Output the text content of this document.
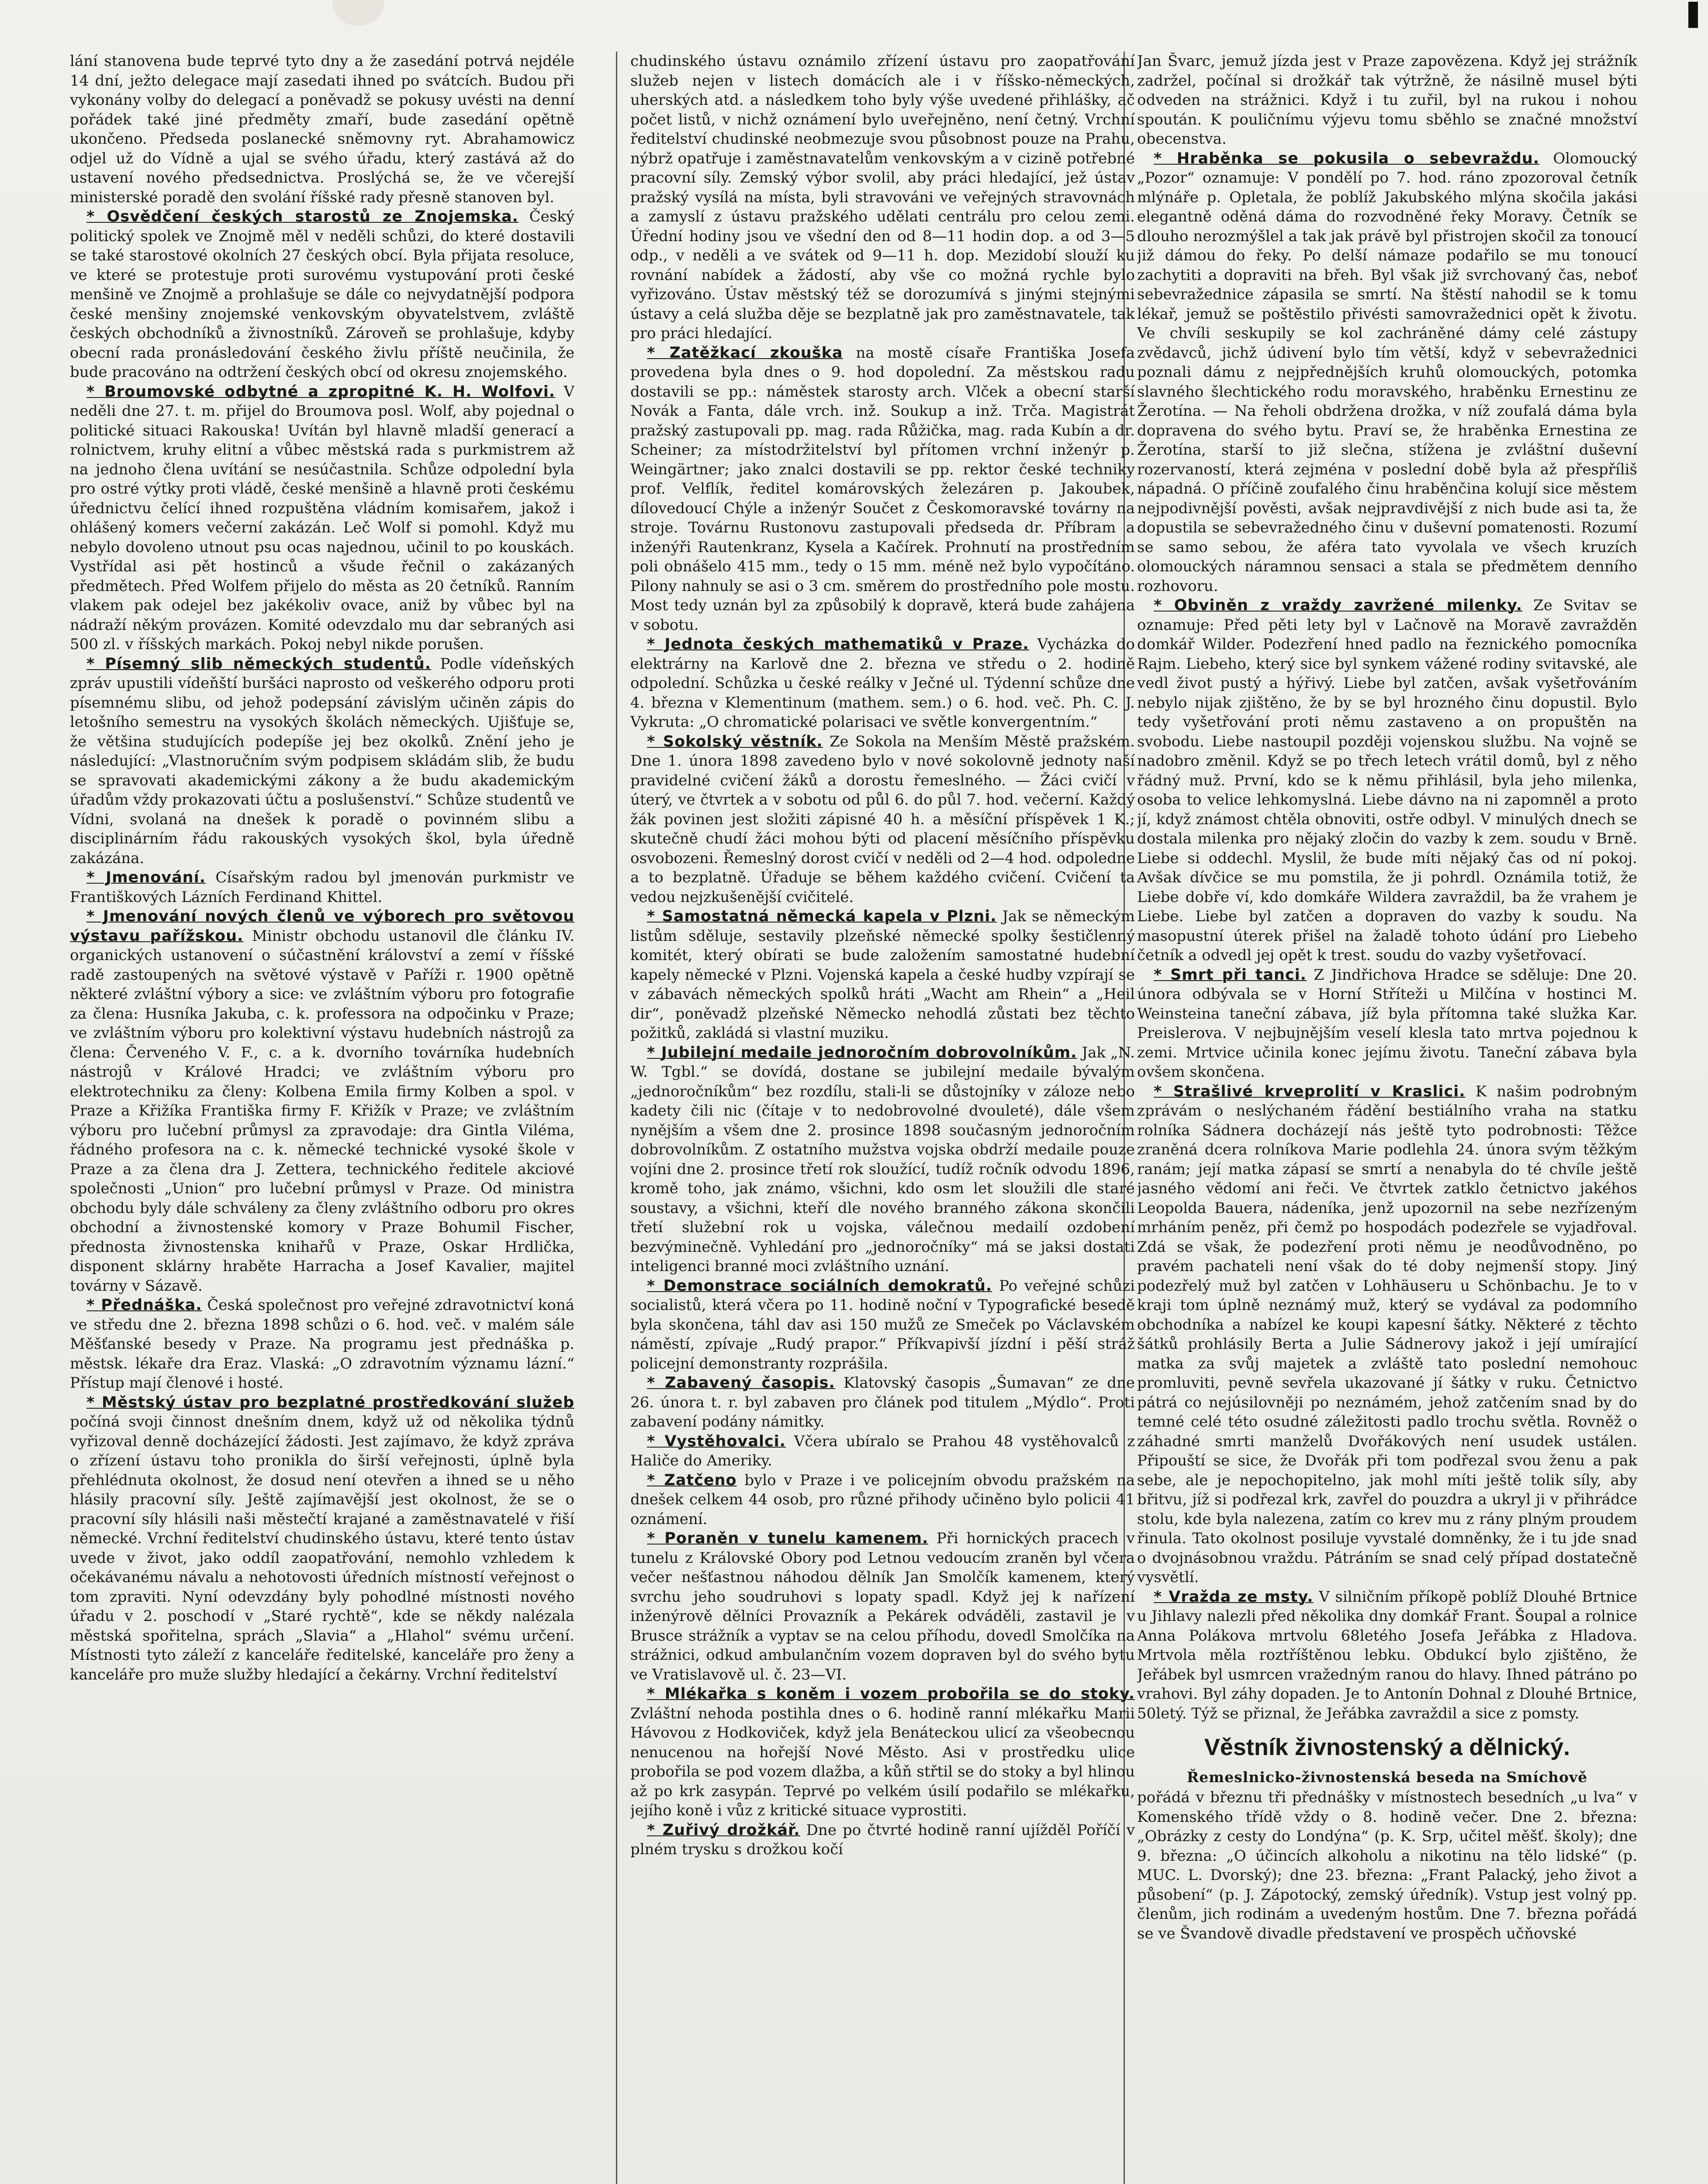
lání stanovena bude teprvé tyto dny a že zasedání potrvá nejdéle 14 dní, ježto delegace mají zasedati ihned po svátcích. Budou při vykonány volby do delegací a poněvadž se pokusy uvésti na denní pořádek také jiné předměty zmaří, bude zasedání opětně ukončeno. Předseda poslanecké sněmovny ryt. Abrahamowicz odjel už do Vídně a ujal se svého úřadu, který zastává až do ustavení nového předsednictva. Proslýchá se, že ve včerejší ministerské poradě den svolání říšské rady přesně stanoven byl.

* Osvědčení českých starostů ze Znojemska. Český politický spolek ve Znojmě měl v neděli schůzi, do které dostavili se také starostové okolních 27 českých obcí. Byla přijata resoluce, ve které se protestuje proti surovému vystupování proti české menšině ve Znojmě a prohlašuje se dále co nejvydatnější podpora české menšiny znojemské venkovským obyvatelstvem, zvláště českých obchodníků a živnostníků. Zároveň se prohlašuje, kdyby obecní rada pronásledování českého živlu příště neučinila, že bude pracováno na odtržení českých obcí od okresu znojemského.

* Broumovské odbytné a zpropitné K. H. Wolfovi. V neděli dne 27. t. m. přijel do Broumova posl. Wolf, aby pojednal o politické situaci Rakouska! Uvítán byl hlavně mladší generací a rolnictvem, kruhy elitní a vůbec městská rada s purkmistrem až na jednoho člena uvítání se nesúčastnila. Schůze odpolední byla pro ostré výtky proti vládě, české menšině a hlavně proti českému úřednictvu čelící ihned rozpuštěna vládním komisařem, jakož i ohlášený komers večerní zakázán. Leč Wolf si pomohl. Když mu nebylo dovoleno utnout psu ocas najednou, učinil to po kouskách. Vystřídal asi pět hostinců a všude řečnil o zakázaných předmětech. Před Wolfem přijelo do města as 20 četníků. Ranním vlakem pak odejel bez jakékoliv ovace, aniž by vůbec byl na nádraží někým provázen. Komité odevzdalo mu dar sebraných asi 500 zl. v říšských markách. Pokoj nebyl nikde porušen.

* Písemný slib německých studentů. Podle vídeňských zpráv upustili vídeňští buršáci naprosto od veškerého odporu proti písemnému slibu, od jehož podepsání závislým učiněn zápis do letošního semestru na vysokých školách německých. Ujišťuje se, že většina studujících podepíše jej bez okolků. Znění jeho je následující: „Vlastnoručním svým podpisem skládám slib, že budu se spravovati akademickými zákony a že budu akademickým úřadům vždy prokazovati účtu a poslušenství.“ Schůze studentů ve Vídni, svolaná na dnešek k poradě o povinném slibu a disciplinárním řádu rakouských vysokých škol, byla úředně zakázána.

* Jmenování. Císařským radou byl jmenován purkmistr ve Františkových Lázních Ferdinand Khittel.

* Jmenování nových členů ve výborech pro světovou výstavu pařížskou. Ministr obchodu ustanovil dle článku IV. organických ustanovení o súčastnění království a zemí v říšské radě zastoupených na světové výstavě v Paříži r. 1900 opětně některé zvláštní výbory a sice: ve zvláštním výboru pro fotografie za člena: Husníka Jakuba, c. k. professora na odpočinku v Praze; ve zvláštním výboru pro kolektivní výstavu hudebních nástrojů za člena: Červeného V. F., c. a k. dvorního továrníka hudebních nástrojů v Králové Hradci; ve zvláštním výboru pro elektrotechniku za členy: Kolbena Emila firmy Kolben a spol. v Praze a Křižíka Františka firmy F. Křižík v Praze; ve zvláštním výboru pro lučební průmysl za zpravodaje: dra Gintla Viléma, řádného profesora na c. k. německé technické vysoké škole v Praze a za člena dra J. Zettera, technického ředitele akciové společnosti „Union“ pro lučební průmysl v Praze. Od ministra obchodu byly dále schváleny za členy zvláštního odboru pro okres obchodní a živnostenské komory v Praze Bohumil Fischer, přednosta živnostenska knihařů v Praze, Oskar Hrdlička, disponent sklárny hraběte Harracha a Josef Kavalier, majitel továrny v Sázavě.

* Přednáška. Česká společnost pro veřejné zdravotnictví koná ve středu dne 2. března 1898 schůzi o 6. hod. več. v malém sále Měšťanské besedy v Praze. Na programu jest přednáška p. městsk. lékaře dra Eraz. Vlaská: „O zdravotním významu lázní.“ Přístup mají členové i hosté.

* Městský ústav pro bezplatné prostředkování služeb počíná svoji činnost dnešním dnem, když už od několika týdnů vyřizoval denně docházející žádosti. Jest zajímavo, že když zpráva o zřízení ústavu toho pronikla do širší veřejnosti, úplně byla přehlédnuta okolnost, že dosud není otevřen a ihned se u něho hlásily pracovní síly. Ještě zajímavější jest okolnost, že se o pracovní síly hlásili naši městečtí krajané a zaměstnavatelé v řiší německé. Vrchní ředitelství chudinského ústavu, které tento ústav uvede v život, jako oddíl zaopatřování, nemohlo vzhledem k očekávanému návalu a nehotovosti úředních místností veřejnost o tom zpraviti. Nyní odevzdány byly pohodlné místnosti nového úřadu v 2. poschodí v „Staré rychtě“, kde se někdy nalézala městská spořitelna, sprách „Slavia“ a „Hlahol“ svému určení. Místnosti tyto záleží z kanceláře ředitelské, kanceláře pro ženy a kanceláře pro muže služby hledající a čekárny. Vrchní ředitelství

chudinského ústavu oznámilo zřízení ústavu pro zaopatřování služeb nejen v listech domácích ale i v říšsko-německých, uherských atd. a následkem toho byly výše uvedené přihlášky, ač počet listů, v nichž oznámení bylo uveřejněno, není četný. Vrchní ředitelství chudinské neobmezuje svou působnost pouze na Prahu, nýbrž opatřuje i zaměstnavatelům venkovským a v cizině potřebné pracovní síly. Zemský výbor svolil, aby práci hledající, jež ústav pražský vysílá na místa, byli stravováni ve veřejných stravovnách a zamyslí z ústavu pražského udělati centrálu pro celou zemi. Úřední hodiny jsou ve všední den od 8—11 hodin dop. a od 3—5 odp., v neděli a ve svátek od 9—11 h. dop. Mezidobí slouží ku rovnání nabídek a žádostí, aby vše co možná rychle bylo vyřizováno. Ústav městský též se dorozumívá s jinými stejnými ústavy a celá služba děje se bezplatně jak pro zaměstnavatele, tak pro práci hledající.

* Zatěžkací zkouška na mostě císaře Františka Josefa provedena byla dnes o 9. hod dopolední. Za městskou radu dostavili se pp.: náměstek starosty arch. Vlček a obecní starší Novák a Fanta, dále vrch. inž. Soukup a inž. Trča. Magistrát pražský zastupovali pp. mag. rada Růžička, mag. rada Kubín a dr. Scheiner; za místodržitelství byl přítomen vrchní inženýr p. Weingärtner; jako znalci dostavili se pp. rektor české techniky prof. Velflík, ředitel komárovských železáren p. Jakoubek, dílovedoucí Chýle a inženýr Součet z Českomoravské továrny na stroje. Továrnu Rustonovu zastupovali předseda dr. Příbram a inženýři Rautenkranz, Kysela a Kačírek. Prohnutí na prostředním poli obnášelo 415 mm., tedy o 15 mm. méně než bylo vypočítáno. Pilony nahnuly se asi o 3 cm. směrem do prostředního pole mostu. Most tedy uznán byl za způsobilý k dopravě, která bude zahájena v sobotu.

* Jednota českých mathematiků v Praze. Vycházka do elektrárny na Karlově dne 2. března ve středu o 2. hodině odpolední. Schůzka u české reálky v Ječné ul. Týdenní schůze dne 4. března v Klementinum (mathem. sem.) o 6. hod. več. Ph. C. J. Vykruta: „O chromatické polarisaci ve světle konvergentním.“

* Sokolský věstník. Ze Sokola na Menším Městě pražském. Dne 1. února 1898 zavedeno bylo v nové sokolovně jednoty naší pravidelné cvičení žáků a dorostu řemeslného. — Žáci cvičí v úterý, ve čtvrtek a v sobotu od půl 6. do půl 7. hod. večerní. Každý žák povinen jest složiti zápisné 40 h. a měsíční příspěvek 1 K.; skutečně chudí žáci mohou býti od placení měsíčního příspěvku osvobozeni. Řemeslný dorost cvičí v neděli od 2—4 hod. odpoledne a to bezplatně. Úřaduje se během každého cvičení. Cvičení ta vedou nejzkušenější cvičitelé.

* Samostatná německá kapela v Plzni. Jak se německým listům sděluje, sestavily plzeňské německé spolky šestičlenný komitét, který obírati se bude založením samostatné hudební kapely německé v Plzni. Vojenská kapela a české hudby vzpírají se v zábavách německých spolků hráti „Wacht am Rhein“ a „Heil dir“, poněvadž plzeňské Německo nehodlá zůstati bez těchto požitků, zakládá si vlastní muziku.

* Jubilejní medaile jednoročním dobrovolníkům. Jak „N. W. Tgbl.“ se dovídá, dostane se jubilejní medaile bývalým „jednoročníkům“ bez rozdílu, stali-li se důstojníky v záloze nebo kadety čili nic (čítaje v to nedobrovolné dvouleté), dále všem nynějším a všem dne 2. prosince 1898 současným jednoročním dobrovolníkům. Z ostatního mužstva vojska obdrží medaile pouze vojíni dne 2. prosince třetí rok sloužící, tudíž ročník odvodu 1896, kromě toho, jak známo, všichni, kdo osm let sloužili dle staré soustavy, a všichni, kteří dle nového branného zákona skončili třetí služební rok u vojska, válečnou medailí ozdobení bezvýminečně. Vyhledání pro „jednoročníky“ má se jaksi dostati inteligenci branné moci zvláštního uznání.

* Demonstrace sociálních demokratů. Po veřejné schůzi socialistů, která včera po 11. hodině noční v Typografické besedě byla skončena, táhl dav asi 150 mužů ze Smeček po Václavském náměstí, zpívaje „Rudý prapor.“ Příkvapivší jízdní i pěší stráž policejní demonstranty rozprášila.

* Zabavený časopis. Klatovský časopis „Šumavan“ ze dne 26. února t. r. byl zabaven pro článek pod titulem „Mýdlo“. Proti zabavení podány námitky.

* Vystěhovalci. Včera ubíralo se Prahou 48 vystěhovalců z Haliče do Ameriky.

* Zatčeno bylo v Praze i ve policejním obvodu pražském na dnešek celkem 44 osob, pro různé přihody učiněno bylo policii 41 oznámení.

* Poraněn v tunelu kamenem. Při hornických pracech v tunelu z Královské Obory pod Letnou vedoucím zraněn byl včera večer nešťastnou náhodou dělník Jan Smolčík kamenem, který svrchu jeho soudruhovi s lopaty spadl. Když jej k nařízení inženýrově dělníci Provazník a Pekárek odváděli, zastavil je v Brusce strážník a vyptav se na celou příhodu, dovedl Smolčíka na strážnici, odkud ambulančním vozem dopraven byl do svého bytu ve Vratislavově ul. č. 23—VI.

* Mlékařka s koněm i vozem probořila se do stoky. Zvláštní nehoda postihla dnes o 6. hodině ranní mlékařku Marii Hávovou z Hodkoviček, když jela Benáteckou ulicí za všeobecnou nenucenou na hořejší Nové Město. Asi v prostředku ulice probořila se pod vozem dlažba, a kůň střtil se do stoky a byl hlinou až po krk zasypán. Teprvé po velkém úsilí podařilo se mlékařku, jejího koně i vůz z kritické situace vyprostiti.

* Zuřivý drožkář. Dne po čtvrté hodině ranní ujížděl Poříčí v plném trysku s drožkou kočí

Jan Švarc, jemuž jízda jest v Praze zapovězena. Když jej strážník zadržel, počínal si drožkář tak výtržně, že násilně musel býti odveden na strážnici. Když i tu zuřil, byl na rukou i nohou spoután. K pouličnímu výjevu tomu sběhlo se značné množství obecenstva.

* Hraběnka se pokusila o sebevraždu. Olomoucký „Pozor“ oznamuje: V pondělí po 7. hod. ráno zpozoroval četník mlýnáře p. Opletala, že poblíž Jakubského mlýna skočila jakási elegantně oděná dáma do rozvodněné řeky Moravy. Četník se dlouho nerozmýšlel a tak jak právě byl přistrojen skočil za tonoucí již dámou do řeky. Po delší námaze podařilo se mu tonoucí zachytiti a dopraviti na břeh. Byl však již svrchovaný čas, neboť sebevražednice zápasila se smrtí. Na štěstí nahodil se k tomu lékař, jemuž se poštěstilo přivésti samovražednici opět k životu. Ve chvíli seskupily se kol zachráněné dámy celé zástupy zvědavců, jichž údivení bylo tím větší, když v sebevražednici poznali dámu z nejpřednějších kruhů olomouckých, potomka slavného šlechtického rodu moravského, hraběnku Ernestinu ze Žerotína. — Na řeholi obdržena drožka, v níž zoufalá dáma byla dopravena do svého bytu. Praví se, že hraběnka Ernestina ze Žerotína, starší to již slečna, stížena je zvláštní duševní rozervaností, která zejména v poslední době byla až přespříliš nápadná. O příčině zoufalého činu hraběnčina kolují sice městem nejpodivnější pověsti, avšak nejpravdivější z nich bude asi ta, že dopustila se sebevražedného činu v duševní pomatenosti. Rozumí se samo sebou, že aféra tato vyvolala ve všech kruzích olomouckých náramnou sensaci a stala se předmětem denního rozhovoru.

* Obviněn z vraždy zavržené milenky. Ze Svitav se oznamuje: Před pěti lety byl v Lačnově na Moravě zavražděn domkář Wilder. Podezření hned padlo na řeznického pomocníka Rajm. Liebeho, který sice byl synkem vážené rodiny svitavské, ale vedl život pustý a hýřivý. Liebe byl zatčen, avšak vyšetřováním nebylo nijak zjištěno, že by se byl hrozného činu dopustil. Bylo tedy vyšetřování proti němu zastaveno a on propuštěn na svobodu. Liebe nastoupil později vojenskou službu. Na vojně se nadobro změnil. Když se po třech letech vrátil domů, byl z něho řádný muž. První, kdo se k němu přihlásil, byla jeho milenka, osoba to velice lehkomyslná. Liebe dávno na ni zapomněl a proto jí, když známost chtěla obnoviti, ostře odbyl. V minulých dnech se dostala milenka pro nějaký zločin do vazby k zem. soudu v Brně. Liebe si oddechl. Myslil, že bude míti nějaký čas od ní pokoj. Avšak dívčice se mu pomstila, že ji pohrdl. Oznámila totiž, že Liebe dobře ví, kdo domkáře Wildera zavraždil, ba že vrahem je Liebe. Liebe byl zatčen a dopraven do vazby k soudu. Na masopustní úterek přišel na žaladě tohoto údání pro Liebeho četník a odvedl jej opět k trest. soudu do vazby vyšetřovací.

* Smrt při tanci. Z Jindřichova Hradce se sděluje: Dne 20. února odbývala se v Horní Stříteži u Milčína v hostinci M. Weinsteina taneční zábava, jíž byla přítomna také služka Kar. Preislerova. V nejbujnějším veselí klesla tato mrtva pojednou k zemi. Mrtvice učinila konec jejímu životu. Taneční zábava byla ovšem skončena.

* Strašlivé krveprolití v Kraslici. K našim podrobným zprávám o neslýchaném řádění bestiálního vraha na statku rolníka Sádnera docházejí nás ještě tyto podrobnosti: Těžce zraněná dcera rolníkova Marie podlehla 24. února svým těžkým ranám; její matka zápasí se smrtí a nenabyla do té chvíle ještě jasného vědomí ani řeči. Ve čtvrtek zatklo četnictvo jakéhos Leopolda Bauera, nádeníka, jenž upozornil na sebe nezřízeným mrháním peněz, při čemž po hospodách podezřele se vyjadřoval. Zdá se však, že podezření proti němu je neodůvodněno, po pravém pachateli není však do té doby nejmenší stopy. Jiný podezřelý muž byl zatčen v Lohhäuseru u Schönbachu. Je to v kraji tom úplně neznámý muž, který se vydával za podomního obchodníka a nabízel ke koupi kapesní šátky. Některé z těchto šátků prohlásily Berta a Julie Sádnerovy jakož i její umírající matka za svůj majetek a zvláště tato poslední nemohouc promluviti, pevně sevřela ukazované jí šátky v ruku. Četnictvo pátrá co nejúsilovněji po neznámém, jehož zatčením snad by do temné celé této osudné záležitosti padlo trochu světla. Rovněž o záhadné smrti manželů Dvořákových není usudek ustálen. Připouští se sice, že Dvořák při tom podřezal svou ženu a pak sebe, ale je nepochopitelno, jak mohl míti ještě tolik síly, aby břitvu, jíž si podřezal krk, zavřel do pouzdra a ukryl ji v přihrádce stolu, kde byla nalezena, zatím co krev mu z rány plným proudem řinula. Tato okolnost posiluje vyvstalé domněnky, že i tu jde snad o dvojnásobnou vraždu. Pátráním se snad celý případ dostatečně vysvětlí.

* Vražda ze msty. V silničním příkopě poblíž Dlouhé Brtnice u Jihlavy nalezli před několika dny domkář Frant. Šoupal a rolnice Anna Polákova mrtvolu 68letého Josefa Jeřábka z Hladova. Mrtvola měla roztříštěnou lebku. Obdukcí bylo zjištěno, že Jeřábek byl usmrcen vražedným ranou do hlavy. Ihned pátráno po vrahovi. Byl záhy dopaden. Je to Antonín Dohnal z Dlouhé Brtnice, 50letý. Týž se přiznal, že Jeřábka zavraždil a sice z pomsty.

Věstník živnostenský a dělnický.
Řemeslnicko-živnostenská beseda na Smíchově

pořádá v březnu tři přednášky v místnostech besedních „u lva“ v Komenského třídě vždy o 8. hodině večer. Dne 2. března: „Obrázky z cesty do Londýna“ (p. K. Srp, učitel měšť. školy); dne 9. března: „O účincích alkoholu a nikotinu na tělo lidské“ (p. MUC. L. Dvorský); dne 23. března: „Frant Palacký, jeho život a působení“ (p. J. Zápotocký, zemský úředník). Vstup jest volný pp. členům, jich rodinám a uvedeným hostům. Dne 7. března pořádá se ve Švandově divadle představení ve prospěch učňovské
